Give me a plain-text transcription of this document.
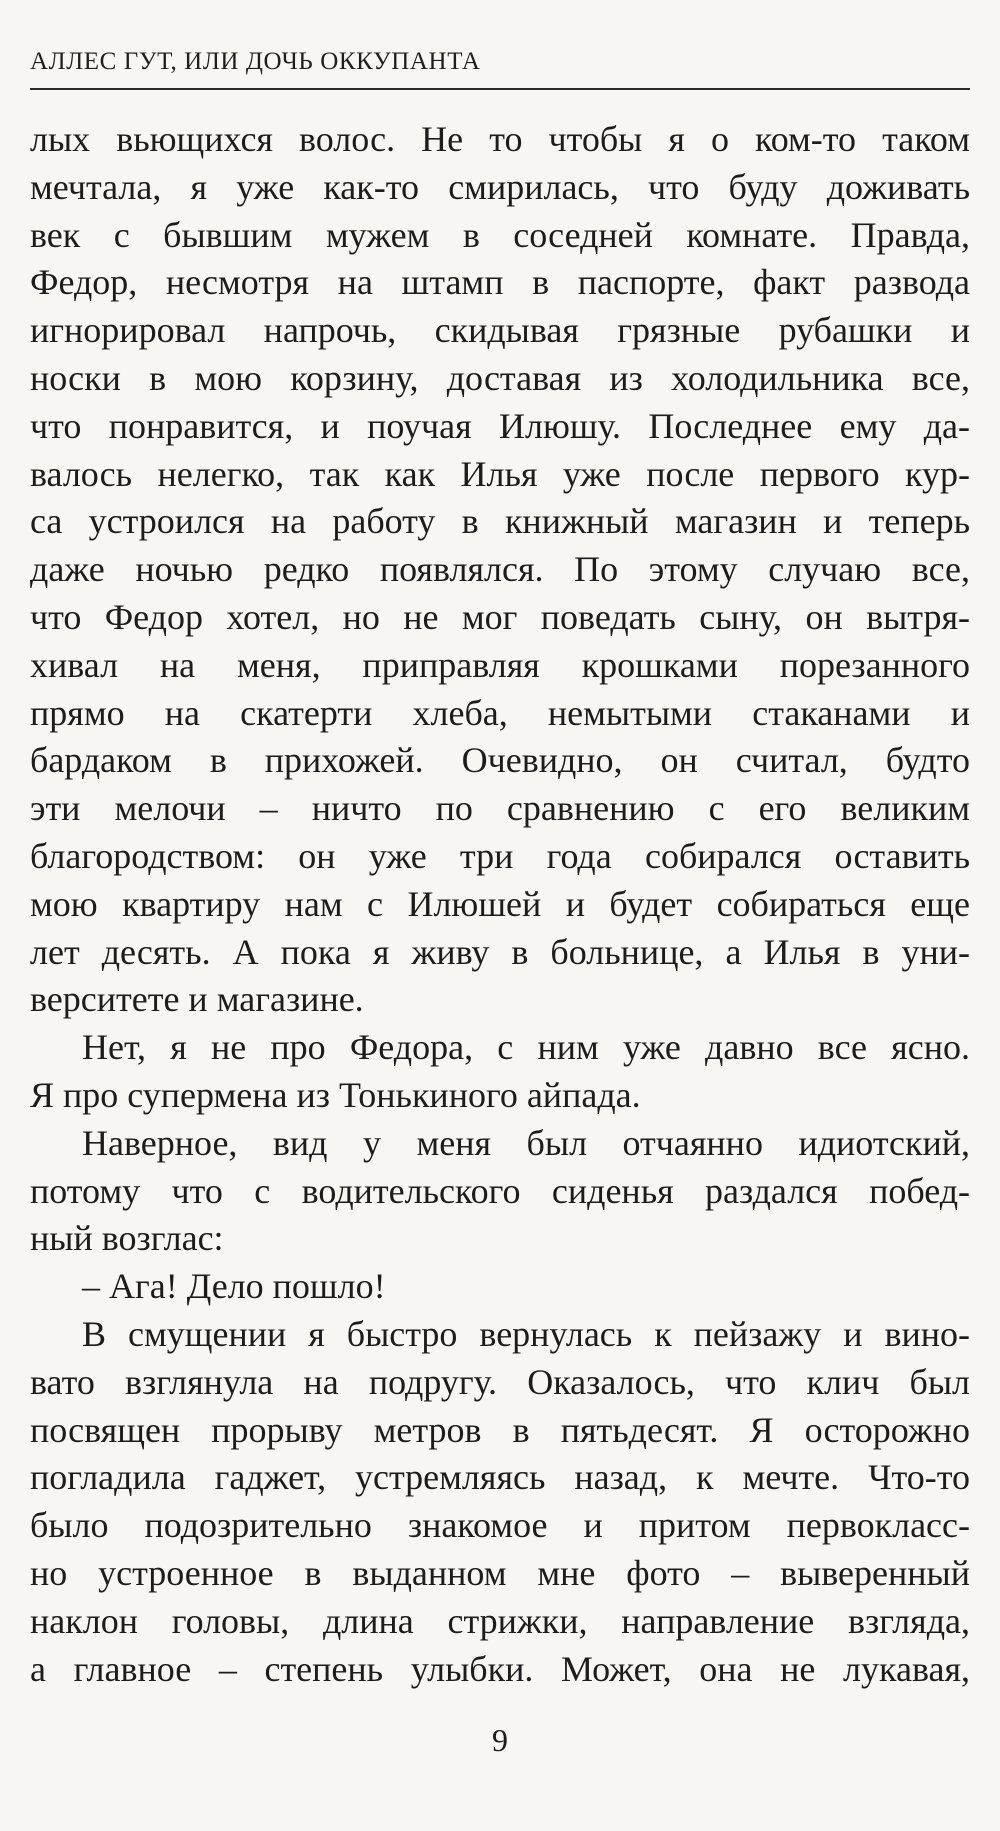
АЛЛЕС ГУТ, ИЛИ ДОЧЬ ОККУПАНТА
лых вьющихся волос. Не то чтобы я о ком-то таком
мечтала, я уже как-то смирилась, что буду доживать
век с бывшим мужем в соседней комнате. Правда,
Федор, несмотря на штамп в паспорте, факт развода
игнорировал напрочь, скидывая грязные рубашки и
носки в мою корзину, доставая из холодильника все,
что понравится, и поучая Илюшу. Последнее ему да-
валось нелегко, так как Илья уже после первого кур-
са устроился на работу в книжный магазин и теперь
даже ночью редко появлялся. По этому случаю все,
что Федор хотел, но не мог поведать сыну, он вытря-
хивал на меня, приправляя крошками порезанного
прямо на скатерти хлеба, немытыми стаканами и
бардаком в прихожей. Очевидно, он считал, будто
эти мелочи – ничто по сравнению с его великим
благородством: он уже три года собирался оставить
мою квартиру нам с Илюшей и будет собираться еще
лет десять. А пока я живу в больнице, а Илья в уни-
верситете и магазине.
Нет, я не про Федора, с ним уже давно все ясно.
Я про супермена из Тонькиного айпада.
Наверное, вид у меня был отчаянно идиотский,
потому что с водительского сиденья раздался побед-
ный возглас:
– Ага! Дело пошло!
В смущении я быстро вернулась к пейзажу и вино-
вато взглянула на подругу. Оказалось, что клич был
посвящен прорыву метров в пятьдесят. Я осторожно
погладила гаджет, устремляясь назад, к мечте. Что-то
было подозрительно знакомое и притом первокласс-
но устроенное в выданном мне фото – выверенный
наклон головы, длина стрижки, направление взгляда,
а главное – степень улыбки. Может, она не лукавая,
9
